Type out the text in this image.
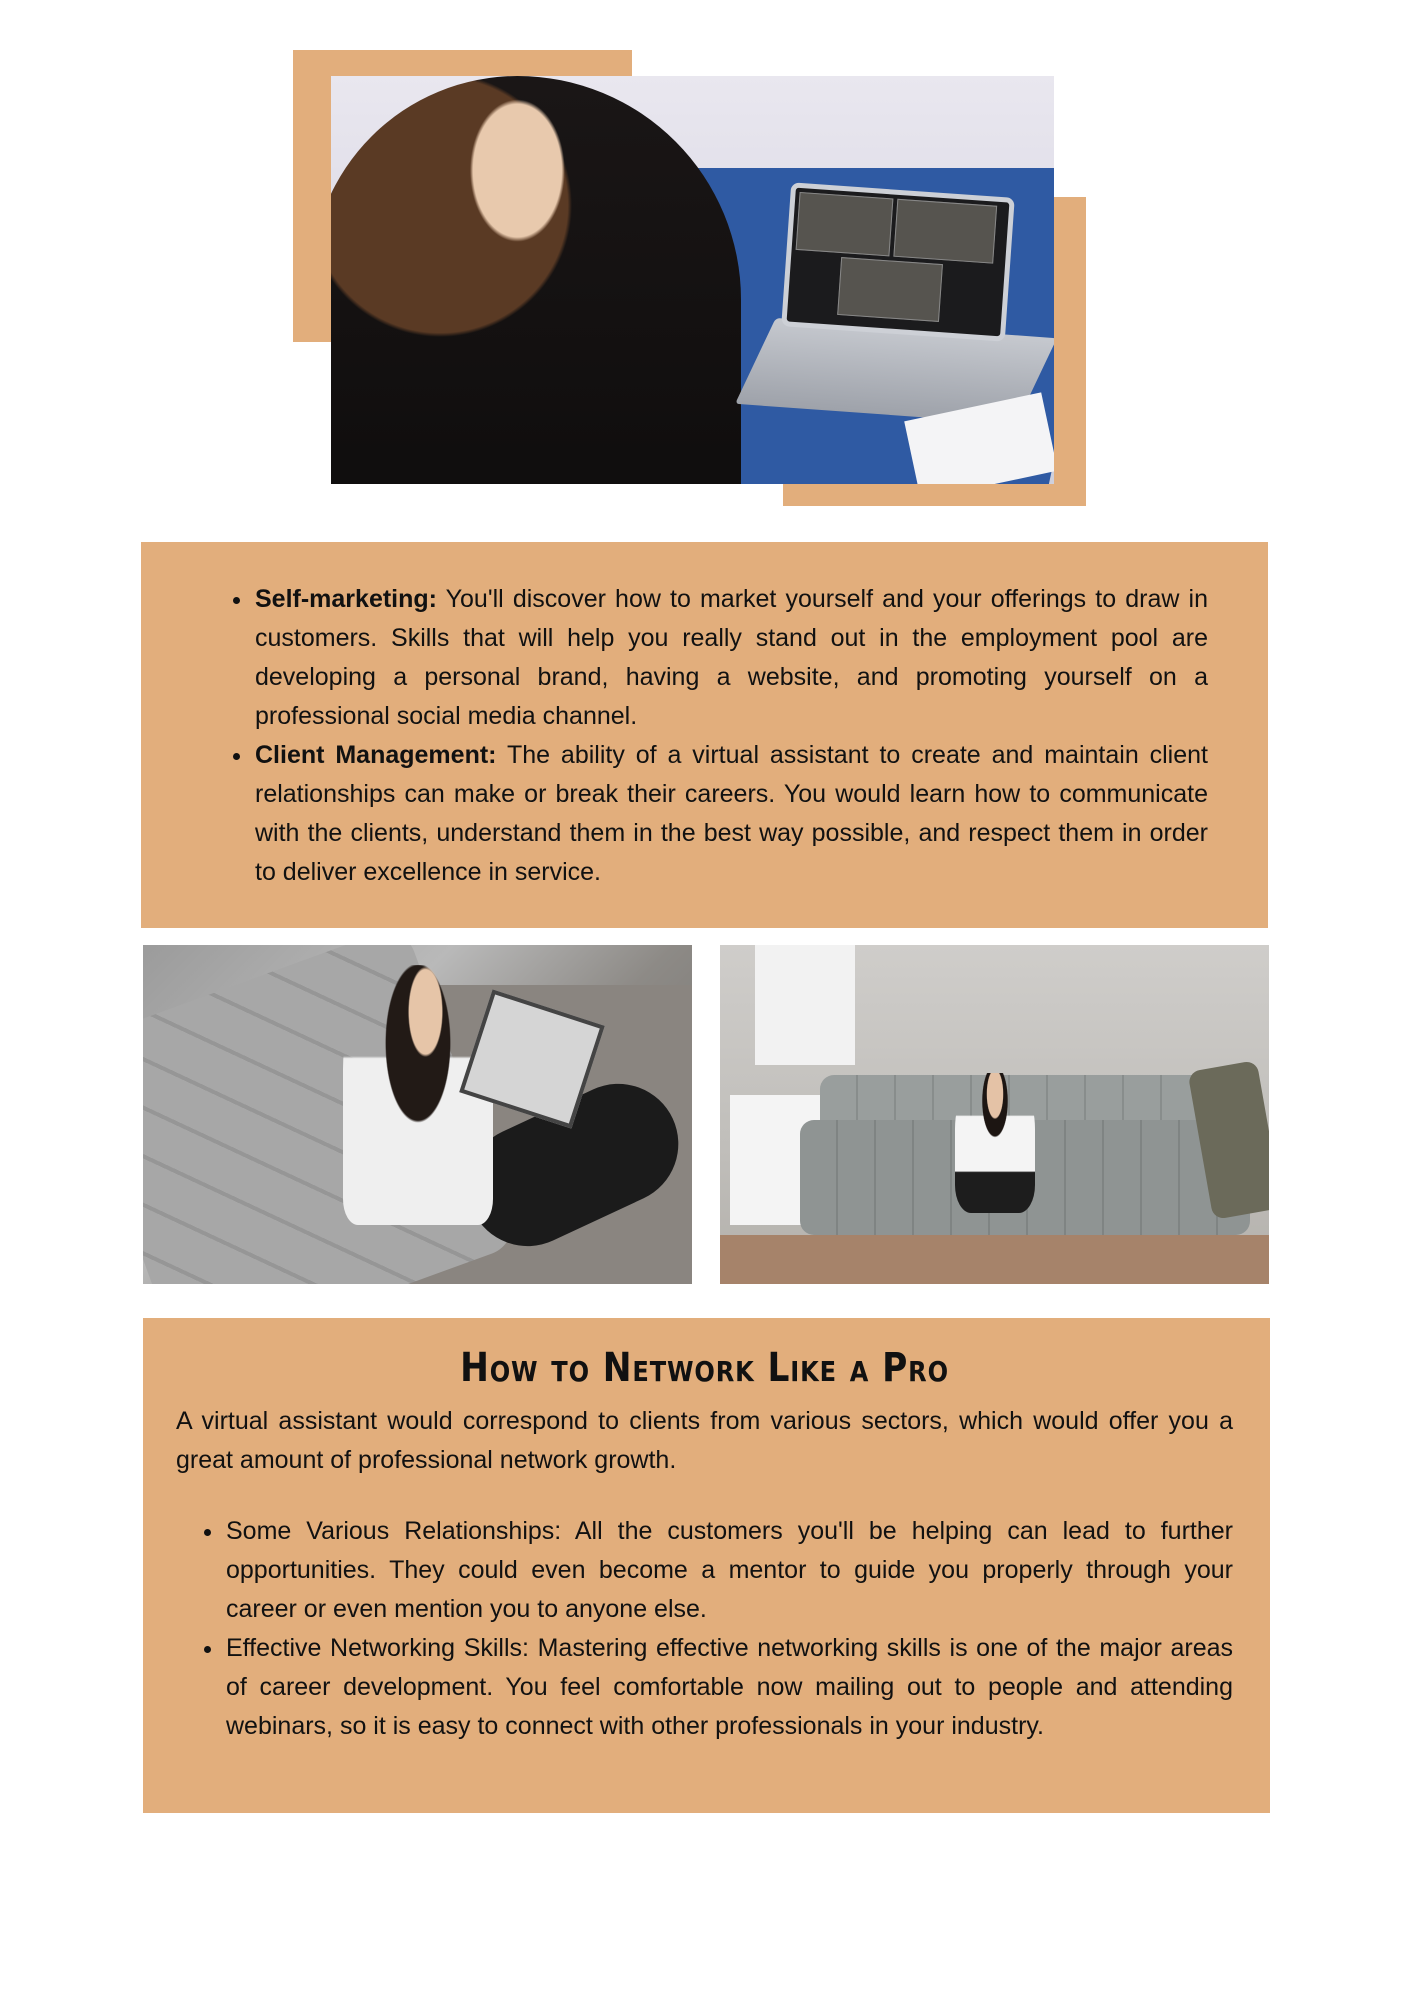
Self-marketing: You'll discover how to market yourself and your offerings to draw in customers. Skills that will help you really stand out in the employment pool are developing a personal brand, having a website, and promoting yourself on a professional social media channel.
Client Management: The ability of a virtual assistant to create and maintain client relationships can make or break their careers. You would learn how to communicate with the clients, understand them in the best way possible, and respect them in order to deliver excellence in service.
How to Network Like a Pro

A virtual assistant would correspond to clients from various sectors, which would offer you a great amount of professional network growth.

Some Various Relationships: All the customers you'll be helping can lead to further opportunities. They could even become a mentor to guide you properly through your career or even mention you to anyone else.
Effective Networking Skills: Mastering effective networking skills is one of the major areas of career development. You feel comfortable now mailing out to people and attending webinars, so it is easy to connect with other professionals in your industry.
